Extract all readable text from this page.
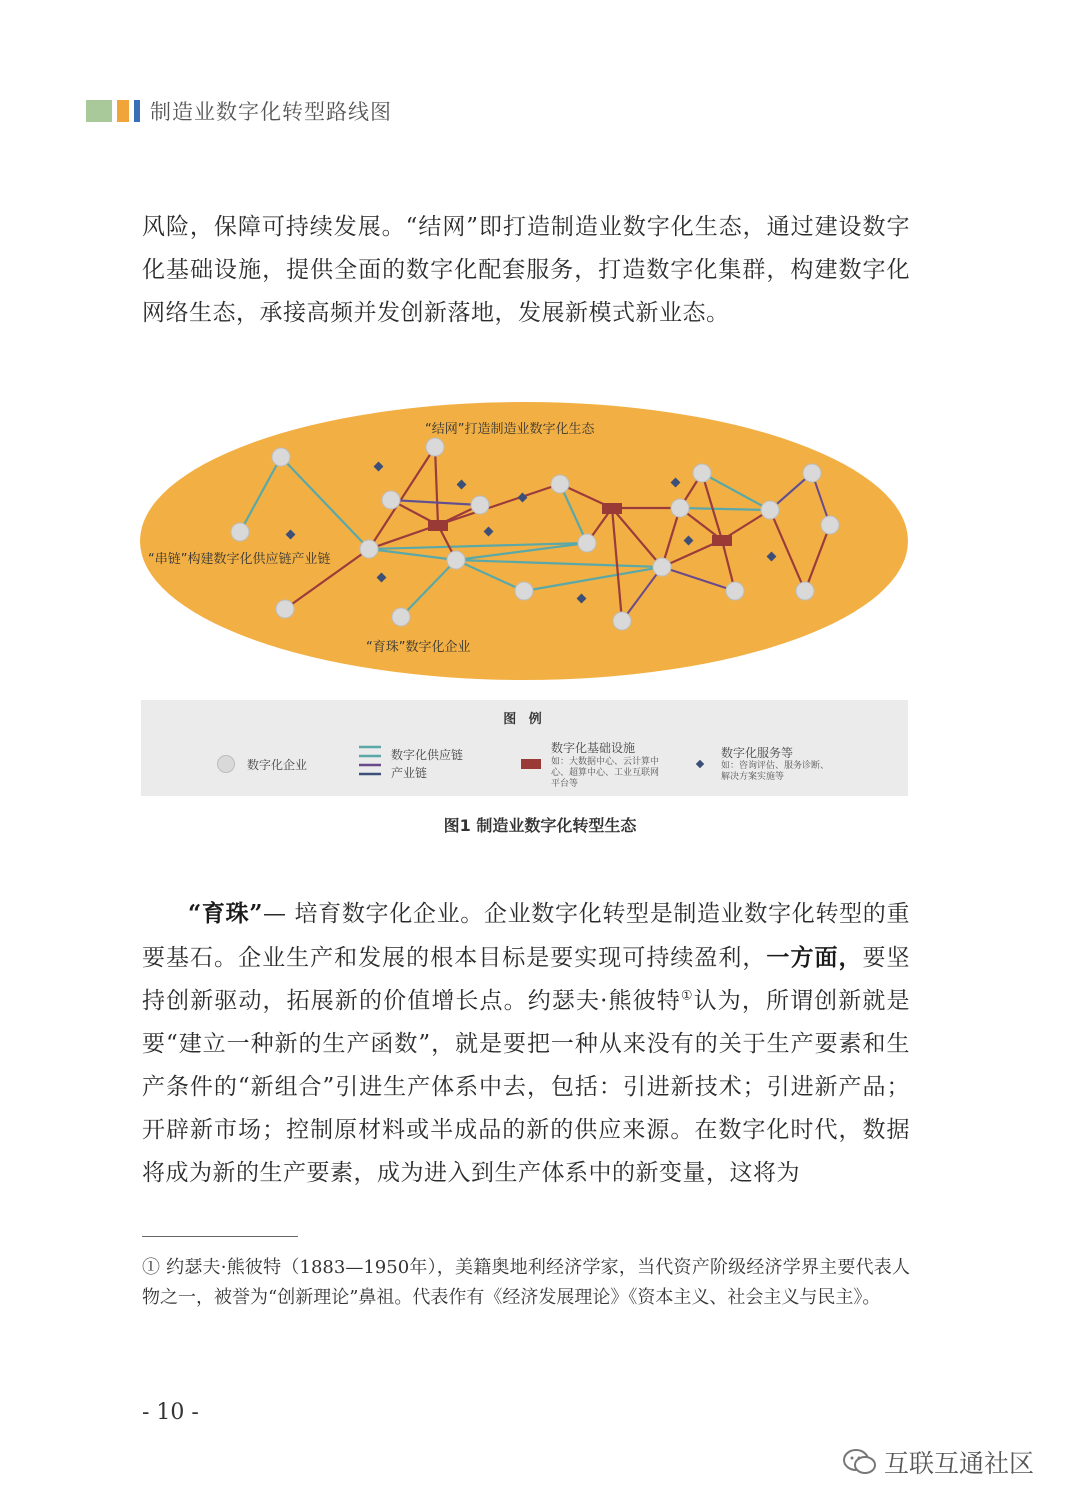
制造业数字化转型路线图
风险，保障可持续发展。“结网”即打造制造业数字化生态，通过建设数字化基础设施，提供全面的数字化配套服务，打造数字化集群，构建数字化网络生态，承接高频并发创新落地，发展新模式新业态。
“结网”打造制造业数字化生态
“串链”构建数字化供应链产业链
“育珠”数字化企业
图 例
数字化企业
数字化供应链
产业链
数字化基础设施
如：大数据中心、云计算中心、超算中心、工业互联网平台等
数字化服务等
如：咨询评估、服务诊断、解决方案实施等
图1 制造业数字化转型生态
“育珠”— 培育数字化企业。企业数字化转型是制造业数字化转型的重要基石。企业生产和发展的根本目标是要实现可持续盈利，一方面，要坚持创新驱动，拓展新的价值增长点。约瑟夫·熊彼特①认为，所谓创新就是要“建立一种新的生产函数”，就是要把一种从来没有的关于生产要素和生产条件的“新组合”引进生产体系中去，包括：引进新技术；引进新产品；开辟新市场；控制原材料或半成品的新的供应来源。在数字化时代，数据将成为新的生产要素，成为进入到生产体系中的新变量，这将为
① 约瑟夫·熊彼特（1883—1950年），美籍奥地利经济学家，当代资产阶级经济学界主要代表人物之一，被誉为“创新理论”鼻祖。代表作有《经济发展理论》《资本主义、社会主义与民主》。
- 10 -
互联互通社区
